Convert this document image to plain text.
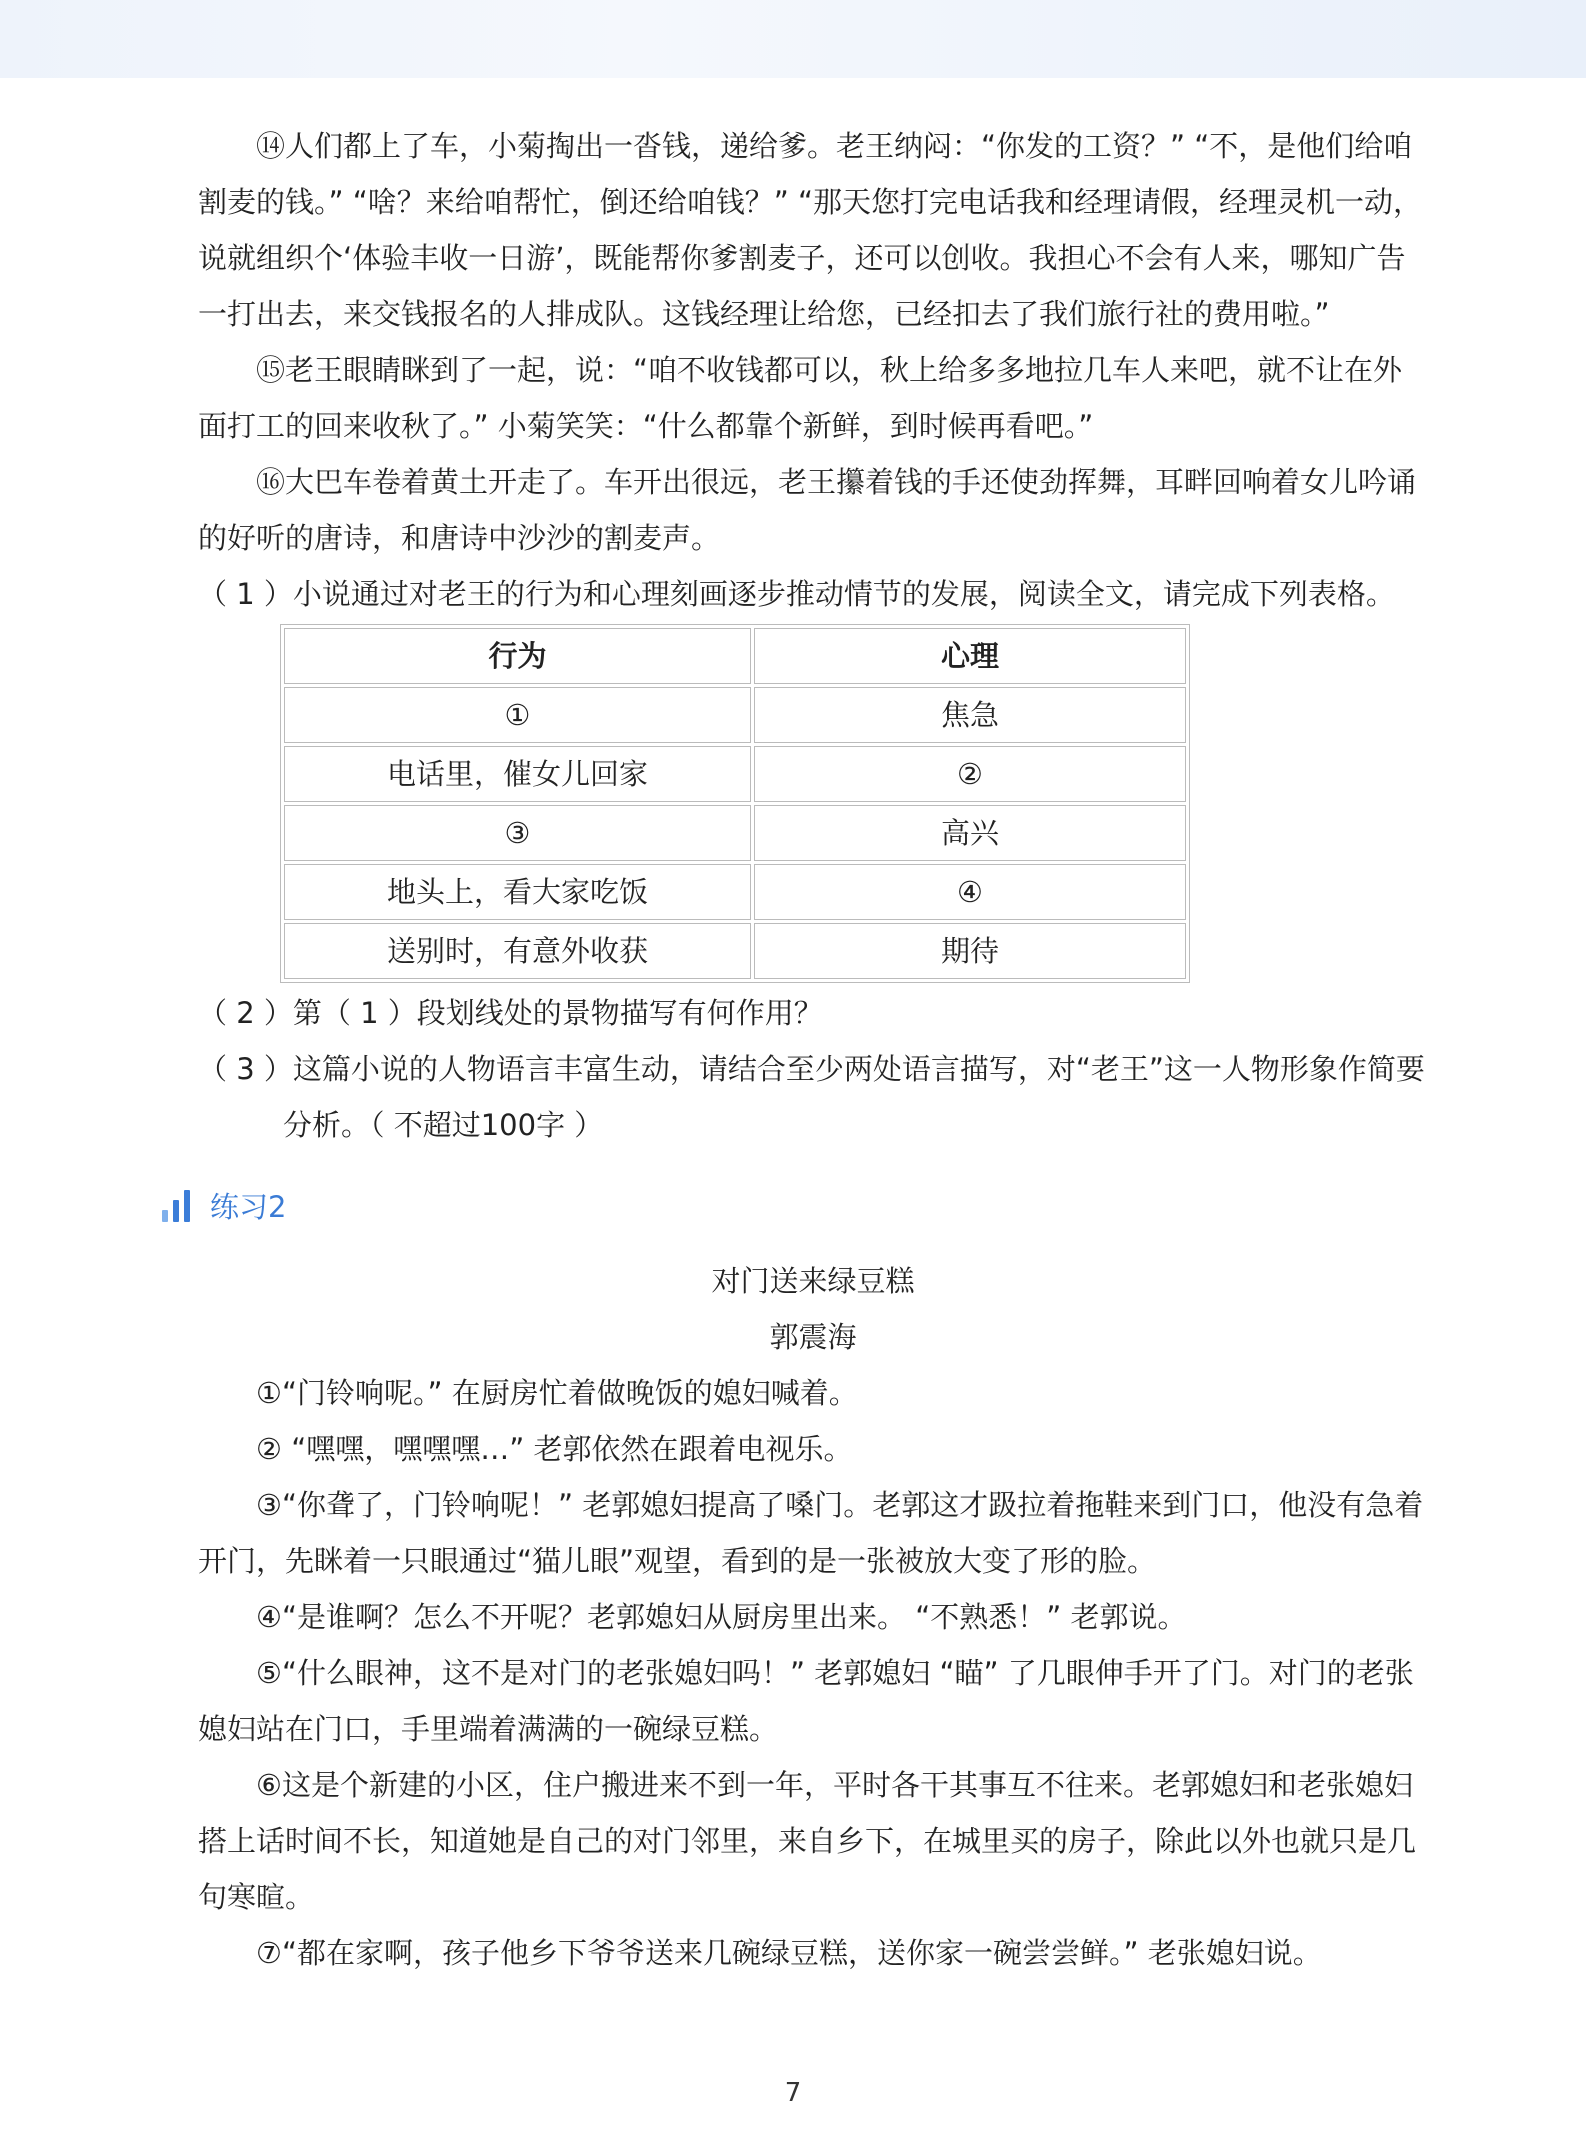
⑭人们都上了车，小菊掏出一沓钱，递给爹。老王纳闷：“你发的工资？” “不，是他们给咱割麦的钱。” “啥？来给咱帮忙，倒还给咱钱？” “那天您打完电话我和经理请假，经理灵机一动，说就组织个‘体验丰收一日游’，既能帮你爹割麦子，还可以创收。我担心不会有人来，哪知广告一打出去，来交钱报名的人排成队。这钱经理让给您，已经扣去了我们旅行社的费用啦。”

⑮老王眼睛眯到了一起，说：“咱不收钱都可以，秋上给多多地拉几车人来吧，就不让在外面打工的回来收秋了。” 小菊笑笑：“什么都靠个新鲜，到时候再看吧。”

⑯大巴车卷着黄土开走了。车开出很远，老王攥着钱的手还使劲挥舞，耳畔回响着女儿吟诵的好听的唐诗，和唐诗中沙沙的割麦声。

（ 1 ）小说通过对老王的行为和心理刻画逐步推动情节的发展，阅读全文，请完成下列表格。

行为	心理
①	焦急
电话里，催女儿回家	②
③	高兴
地头上，看大家吃饭	④
送别时，有意外收获	期待

（ 2 ）第（ 1 ）段划线处的景物描写有何作用？

（ 3 ）这篇小说的人物语言丰富生动，请结合至少两处语言描写，对“老王”这一人物形象作简要分析。（ 不超过100字 ）

练习2

对门送来绿豆糕

郭震海

①“门铃响呢。” 在厨房忙着做晚饭的媳妇喊着。

② “嘿嘿，嘿嘿嘿…” 老郭依然在跟着电视乐。

③“你聋了，门铃响呢！” 老郭媳妇提高了嗓门。老郭这才趿拉着拖鞋来到门口，他没有急着开门，先眯着一只眼通过“猫儿眼”观望，看到的是一张被放大变了形的脸。

④“是谁啊？怎么不开呢？老郭媳妇从厨房里出来。 “不熟悉！” 老郭说。

⑤“什么眼神，这不是对门的老张媳妇吗！” 老郭媳妇 “瞄” 了几眼伸手开了门。对门的老张媳妇站在门口，手里端着满满的一碗绿豆糕。

⑥这是个新建的小区，住户搬进来不到一年，平时各干其事互不往来。老郭媳妇和老张媳妇搭上话时间不长，知道她是自己的对门邻里，来自乡下，在城里买的房子，除此以外也就只是几句寒暄。

⑦“都在家啊，孩子他乡下爷爷送来几碗绿豆糕，送你家一碗尝尝鲜。” 老张媳妇说。

7
